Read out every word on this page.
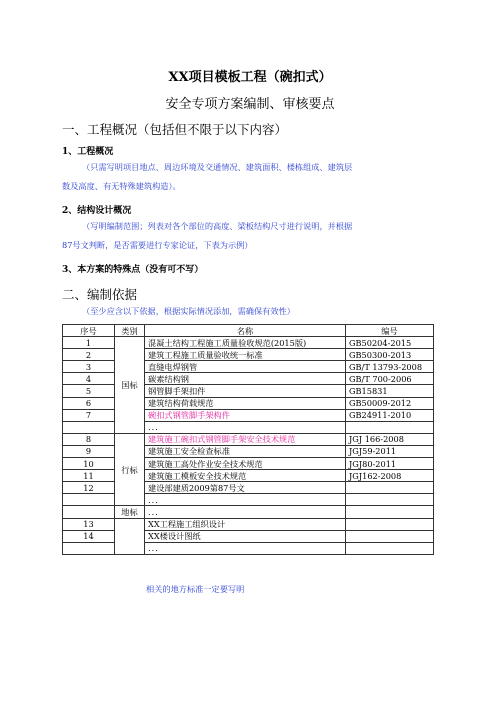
XX项目模板工程（碗扣式）
安全专项方案编制、审核要点
一、工程概况（包括但不限于以下内容）
1、工程概况
（只需写明项目地点、周边环境及交通情况、建筑面积、楼栋组成、建筑层
数及高度、有无特殊建筑构造）。
2、结构设计概况
（写明编制范围；列表对各个部位的高度、梁板结构尺寸进行说明，并根据
87号文判断，是否需要进行专家论证，下表为示例）
3、本方案的特殊点（没有可不写）
二、编制依据
（至少应含以下依据，根据实际情况添加，需确保有效性）
序号	类别	名称	编号
1	国标	混凝土结构工程施工质量验收规范(2015版)	GB50204-2015
2		建筑工程施工质量验收统一标准	GB50300-2013
3		直缝电焊钢管	GB/T 13793-2008
4		碳素结构钢	GB/T 700-2006
5		钢管脚手架扣件	GB15831
6		建筑结构荷载规范	GB50009-2012
7		碗扣式钢管脚手架构件	GB24911-2010
		...	
8	行标	建筑施工碗扣式钢管脚手架安全技术规范	JGJ 166-2008
9		建筑施工安全检查标准	JGJ59-2011
10		建筑施工高处作业安全技术规范	JGJ80-2011
11		建筑施工模板安全技术规范	JGJ162-2008
12		建设部建质2009第87号文	
		...	
	地标	...	
13		XX工程施工组织设计	
14		XX楼设计图纸	
		...	
相关的地方标准一定要写明
